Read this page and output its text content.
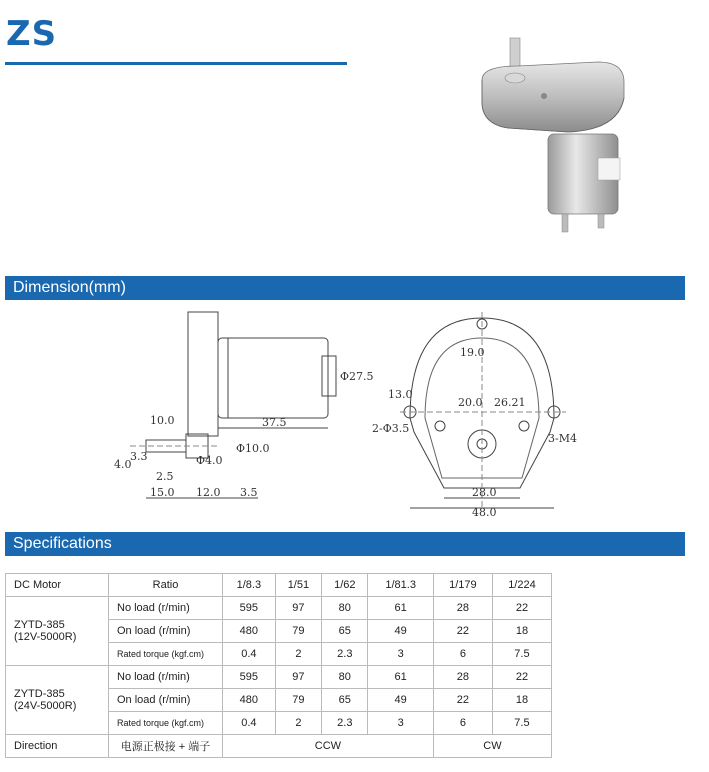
ZS
Dimension(mm)
10.0
4.0
3.3
2.5
15.0 12.0 3.5
37.5
Φ27.5
Φ10.0
Φ4.0
19.0
13.0
20.0 26.21
2-Φ3.5
3-M4
28.0
48.0
Specifications
DC Motor	Ratio	1/8.3	1/51	1/62	1/81.3	1/179	1/224

ZYTD-385
(12V-5000R)	No load (r/min)	595	97	80	61	28	22
	On load (r/min)	480	79	65	49	22	18
	Rated torque (kgf.cm)	0.4	2	2.3	3	6	7.5

ZYTD-385
(24V-5000R)	No load (r/min)	595	97	80	61	28	22
	On load (r/min)	480	79	65	49	22	18
	Rated torque (kgf.cm)	0.4	2	2.3	3	6	7.5
Direction	电源正极接 + 端子	CCW				CW	
